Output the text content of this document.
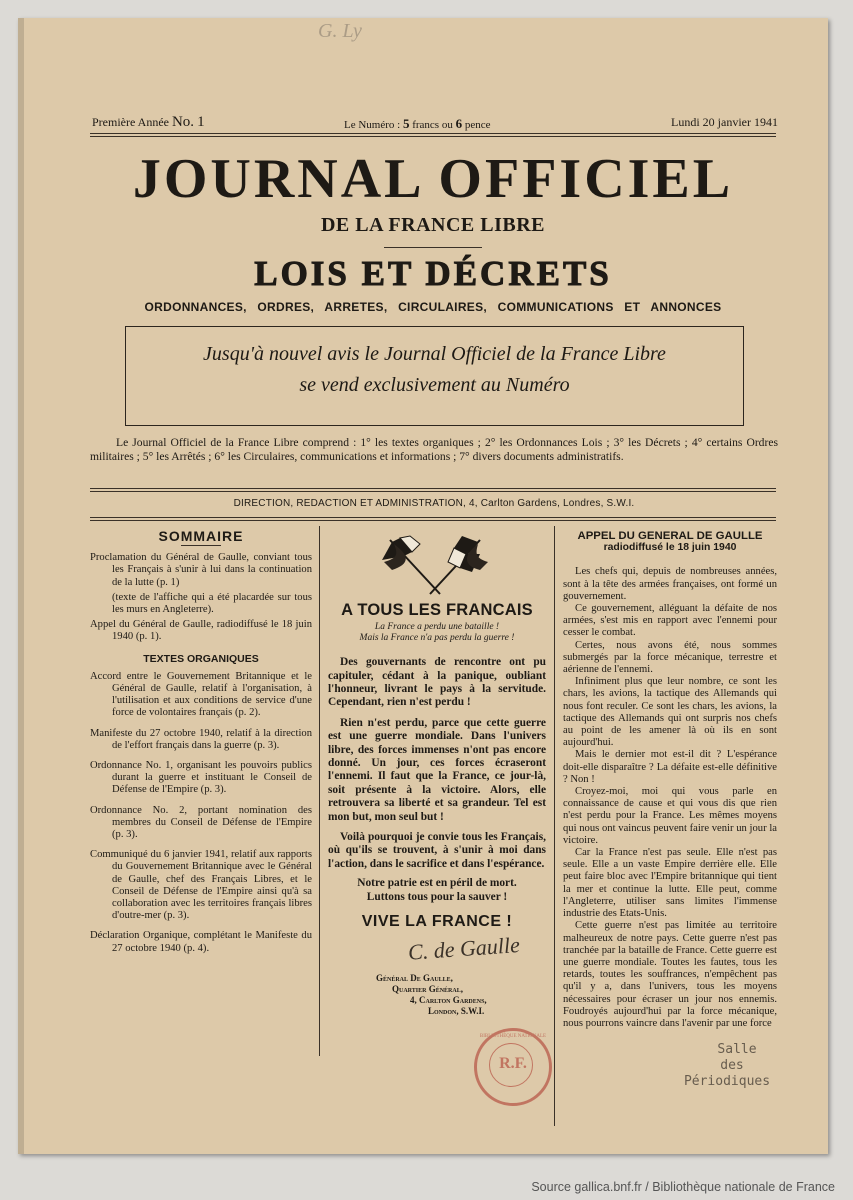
G. Ly
Première Année No. 1	Le Numéro : 5 francs ou 6 pence	Lundi 20 janvier 1941
JOURNAL OFFICIEL
DE LA FRANCE LIBRE
LOIS ET DÉCRETS
ORDONNANCES, ORDRES, ARRETES, CIRCULAIRES, COMMUNICATIONS ET ANNONCES
Jusqu'à nouvel avis le Journal Officiel de la France Libre
se vend exclusivement au Numéro
Le Journal Officiel de la France Libre comprend : 1° les textes organiques ; 2° les Ordonnances Lois ; 3° les Décrets ; 4° certains Ordres militaires ; 5° les Arrêtés ; 6° les Circulaires, communications et informations ; 7° divers documents administratifs.
DIRECTION, REDACTION ET ADMINISTRATION, 4, Carlton Gardens, Londres, S.W.I.
SOMMAIRE

Proclamation du Général de Gaulle, conviant tous les Français à s'unir à lui dans la continuation de la lutte (p. 1)

(texte de l'affiche qui a été placardée sur tous les murs en Angleterre).

Appel du Général de Gaulle, radiodiffusé le 18 juin 1940 (p. 1).

TEXTES ORGANIQUES

Accord entre le Gouvernement Britannique et le Général de Gaulle, relatif à l'organisation, à l'utilisation et aux conditions de service d'une force de volontaires français (p. 2).

Manifeste du 27 octobre 1940, relatif à la direction de l'effort français dans la guerre (p. 3).

Ordonnance No. 1, organisant les pouvoirs publics durant la guerre et instituant le Conseil de Défense de l'Empire (p. 3).

Ordonnance No. 2, portant nomination des membres du Conseil de Défense de l'Empire (p. 3).

Communiqué du 6 janvier 1941, relatif aux rapports du Gouvernement Britannique avec le Général de Gaulle, chef des Français Libres, et le Conseil de Défense de l'Empire ainsi qu'à sa collaboration avec les territoires français libres d'outre-mer (p. 3).

Déclaration Organique, complétant le Manifeste du 27 octobre 1940 (p. 4).

A TOUS LES FRANCAIS
La France a perdu une bataille !
Mais la France n'a pas perdu la guerre !

Des gouvernants de rencontre ont pu capituler, cédant à la panique, oubliant l'honneur, livrant le pays à la servitude. Cependant, rien n'est perdu !

Rien n'est perdu, parce que cette guerre est une guerre mondiale. Dans l'univers libre, des forces immenses n'ont pas encore donné. Un jour, ces forces écraseront l'ennemi. Il faut que la France, ce jour-là, soit présente à la victoire. Alors, elle retrouvera sa liberté et sa grandeur. Tel est mon but, mon seul but !

Voilà pourquoi je convie tous les Français, où qu'ils se trouvent, à s'unir à moi dans l'action, dans le sacrifice et dans l'espérance.

Notre patrie est en péril de mort.
Luttons tous pour la sauver !
VIVE LA FRANCE !
C. de Gaulle
Général De Gaulle,
Quartier Général,
4, Carlton Gardens,
London, S.W.I.
APPEL DU GENERAL DE GAULLE
radiodiffusé le 18 juin 1940

Les chefs qui, depuis de nombreuses années, sont à la tête des armées françaises, ont formé un gouvernement.

Ce gouvernement, alléguant la défaite de nos armées, s'est mis en rapport avec l'ennemi pour cesser le combat.

Certes, nous avons été, nous sommes submergés par la force mécanique, terrestre et aérienne de l'ennemi.

Infiniment plus que leur nombre, ce sont les chars, les avions, la tactique des Allemands qui nous font reculer. Ce sont les chars, les avions, la tactique des Allemands qui ont surpris nos chefs au point de les amener là où ils en sont aujourd'hui.

Mais le dernier mot est-il dit ? L'espérance doit-elle disparaître ? La défaite est-elle définitive ? Non !

Croyez-moi, moi qui vous parle en connaissance de cause et qui vous dis que rien n'est perdu pour la France. Les mêmes moyens qui nous ont vaincus peuvent faire venir un jour la victoire.

Car la France n'est pas seule. Elle n'est pas seule. Elle a un vaste Empire derrière elle. Elle peut faire bloc avec l'Empire britannique qui tient la mer et continue la lutte. Elle peut, comme l'Angleterre, utiliser sans limites l'immense industrie des Etats-Unis.

Cette guerre n'est pas limitée au territoire malheureux de notre pays. Cette guerre n'est pas tranchée par la bataille de France. Cette guerre est une guerre mondiale. Toutes les fautes, tous les retards, toutes les souffrances, n'empêchent pas qu'il y a, dans l'univers, tous les moyens nécessaires pour écraser un jour nos ennemis. Foudroyés aujourd'hui par la force mécanique, nous pourrons vaincre dans l'avenir par une force

R.F.
BIBLIOTHÈQUE NATIONALE
Salle
des
Périodiques
Source gallica.bnf.fr / Bibliothèque nationale de France
